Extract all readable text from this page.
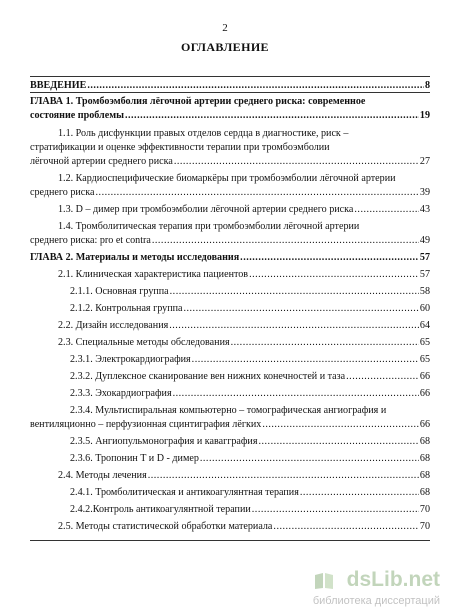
2
ОГЛАВЛЕНИЕ
ВВЕДЕНИЕ .....	8
ГЛАВА 1. Тромбоэмболия лёгочной артерии среднего риска: современное
состояние проблемы .....	19
1.1. Роль дисфункции правых отделов сердца в диагностике, риск –
стратификации и оценке эффективности терапии при тромбоэмболии
лёгочной артерии среднего риска .....	27
1.2. Кардиоспецифические биомаркёры при тромбоэмболии лёгочной артерии
среднего риска .....	39
1.3. D – димер при тромбоэмболии лёгочной артерии среднего риска .....	43
1.4. Тромболитическая терапия при тромбоэмболии лёгочной артерии
среднего риска: pro et contra .....	49
ГЛАВА 2. Материалы и методы исследования .....	57
2.1. Клиническая характеристика пациентов .....	57
2.1.1. Основная группа .....	58
2.1.2. Контрольная группа .....	60
2.2. Дизайн исследования .....	64
2.3. Специальные методы обследования .....	65
2.3.1. Электрокардиография .....	65
2.3.2. Дуплексное сканирование вен нижних конечностей и таза .....	66
2.3.3. Эхокардиография .....	66
2.3.4. Мультиспиральная компьютерно – томографическая ангиография и
вентиляционно – перфузионная сцинтиграфия лёгких .....	66
2.3.5. Ангиопульмонография и кавагграфия .....	68
2.3.6. Тропонин T и D - димер .....	68
2.4. Методы лечения .....	68
2.4.1. Тромболитическая и антикоагулянтная терапия .....	68
2.4.2.Контроль антикоагулянтной терапии .....	70
2.5. Методы статистической обработки материала .....	70
dsLib.net
библиотека диссертаций
